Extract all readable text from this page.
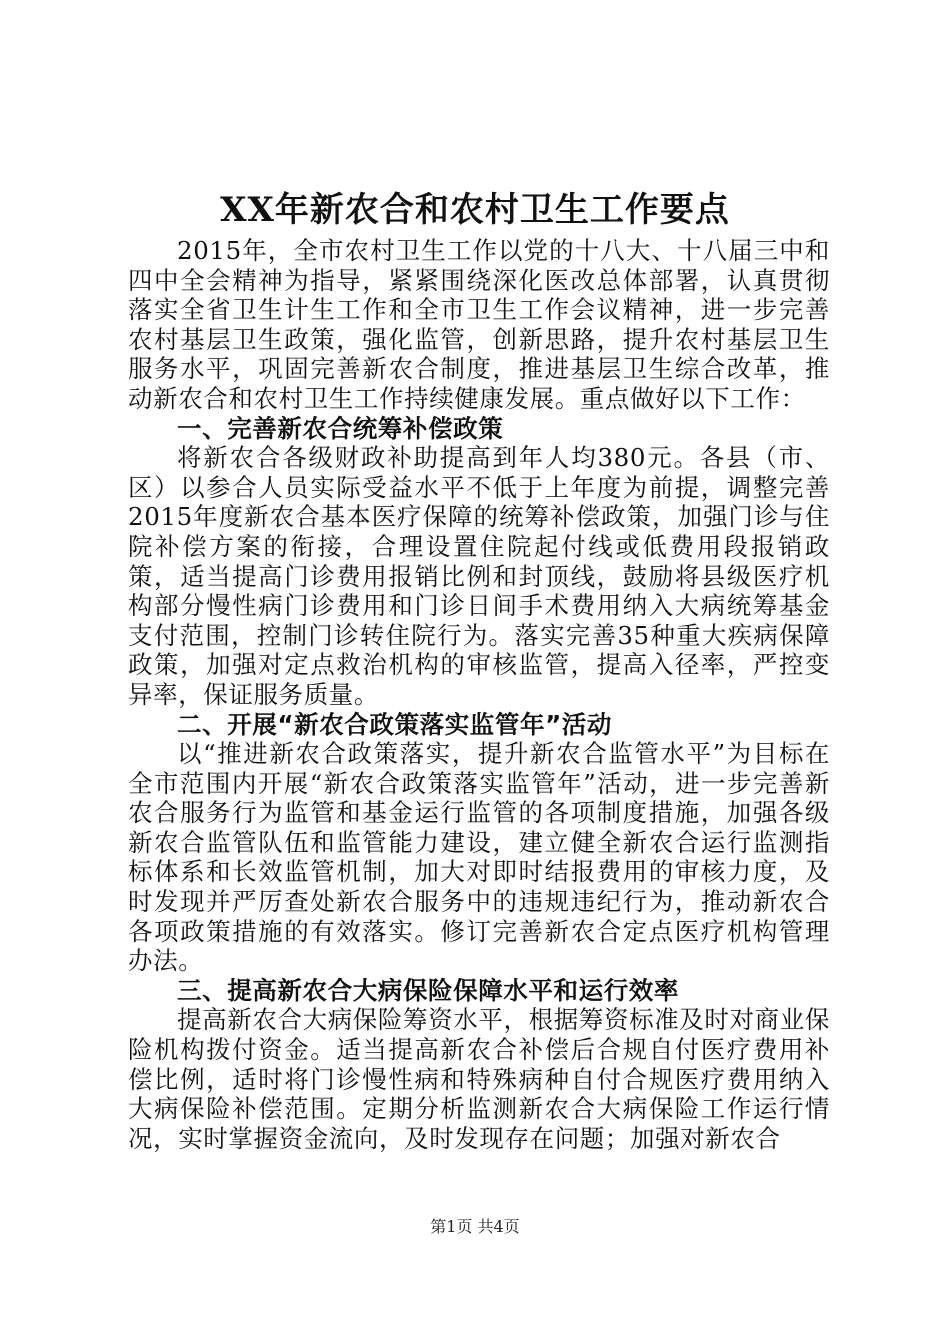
XX年新农合和农村卫生工作要点

2015年，全市农村卫生工作以党的十八大、十八届三中和四中全会精神为指导，紧紧围绕深化医改总体部署，认真贯彻落实全省卫生计生工作和全市卫生工作会议精神，进一步完善农村基层卫生政策，强化监管，创新思路，提升农村基层卫生服务水平，巩固完善新农合制度，推进基层卫生综合改革，推动新农合和农村卫生工作持续健康发展。重点做好以下工作：

一、完善新农合统筹补偿政策

将新农合各级财政补助提高到年人均380元。各县（市、区）以参合人员实际受益水平不低于上年度为前提，调整完善2015年度新农合基本医疗保障的统筹补偿政策，加强门诊与住院补偿方案的衔接，合理设置住院起付线或低费用段报销政策，适当提高门诊费用报销比例和封顶线，鼓励将县级医疗机构部分慢性病门诊费用和门诊日间手术费用纳入大病统筹基金支付范围，控制门诊转住院行为。落实完善35种重大疾病保障政策，加强对定点救治机构的审核监管，提高入径率，严控变异率，保证服务质量。

二、开展“新农合政策落实监管年”活动

以“推进新农合政策落实，提升新农合监管水平”为目标在全市范围内开展“新农合政策落实监管年”活动，进一步完善新农合服务行为监管和基金运行监管的各项制度措施，加强各级新农合监管队伍和监管能力建设，建立健全新农合运行监测指标体系和长效监管机制，加大对即时结报费用的审核力度，及时发现并严厉查处新农合服务中的违规违纪行为，推动新农合各项政策措施的有效落实。修订完善新农合定点医疗机构管理办法。

三、提高新农合大病保险保障水平和运行效率

提高新农合大病保险筹资水平，根据筹资标准及时对商业保险机构拨付资金。适当提高新农合补偿后合规自付医疗费用补偿比例，适时将门诊慢性病和特殊病种自付合规医疗费用纳入大病保险补偿范围。定期分析监测新农合大病保险工作运行情况，实时掌握资金流向，及时发现存在问题；加强对新农合

第1页 共4页
